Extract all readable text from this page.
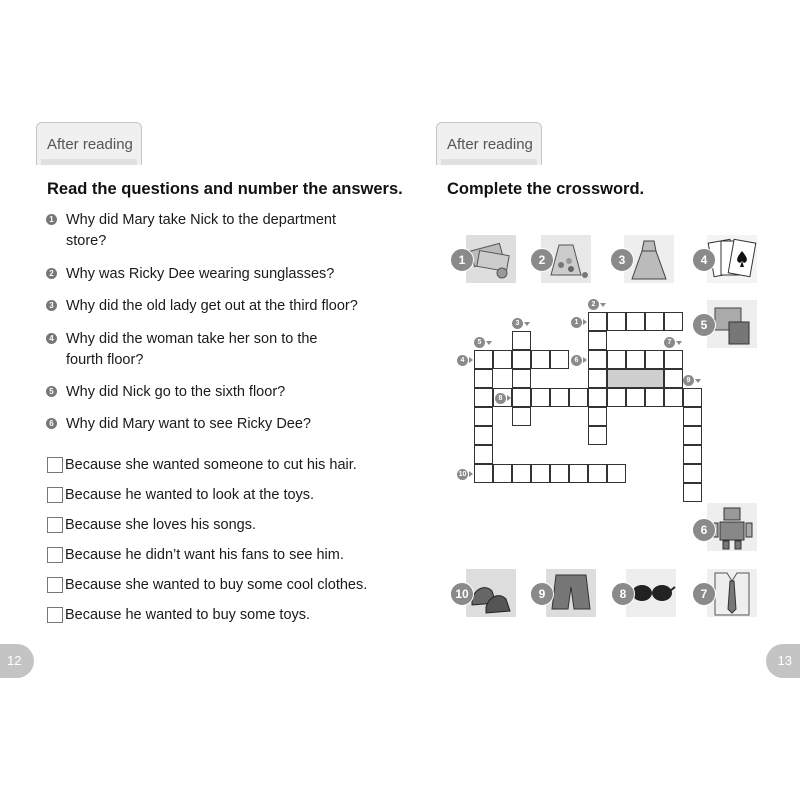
After reading
Read the questions and number the answers.
1 Why did Mary take Nick to the department store?
2 Why was Ricky Dee wearing sunglasses?
3 Why did the old lady get out at the third floor?
4 Why did the woman take her son to the fourth floor?
5 Why did Nick go to the sixth floor?
6 Why did Mary want to see Ricky Dee?
Because she wanted someone to cut his hair.
Because he wanted to look at the toys.
Because she loves his songs.
Because he didn’t want his fans to see him.
Because she wanted to buy some cool clothes.
Because he wanted to buy some toys.
12
After reading
Complete the crossword.
1	2	3	4
5
6
10	9	8	7
1
2
3
4
5
6
7
8
9
10
13
